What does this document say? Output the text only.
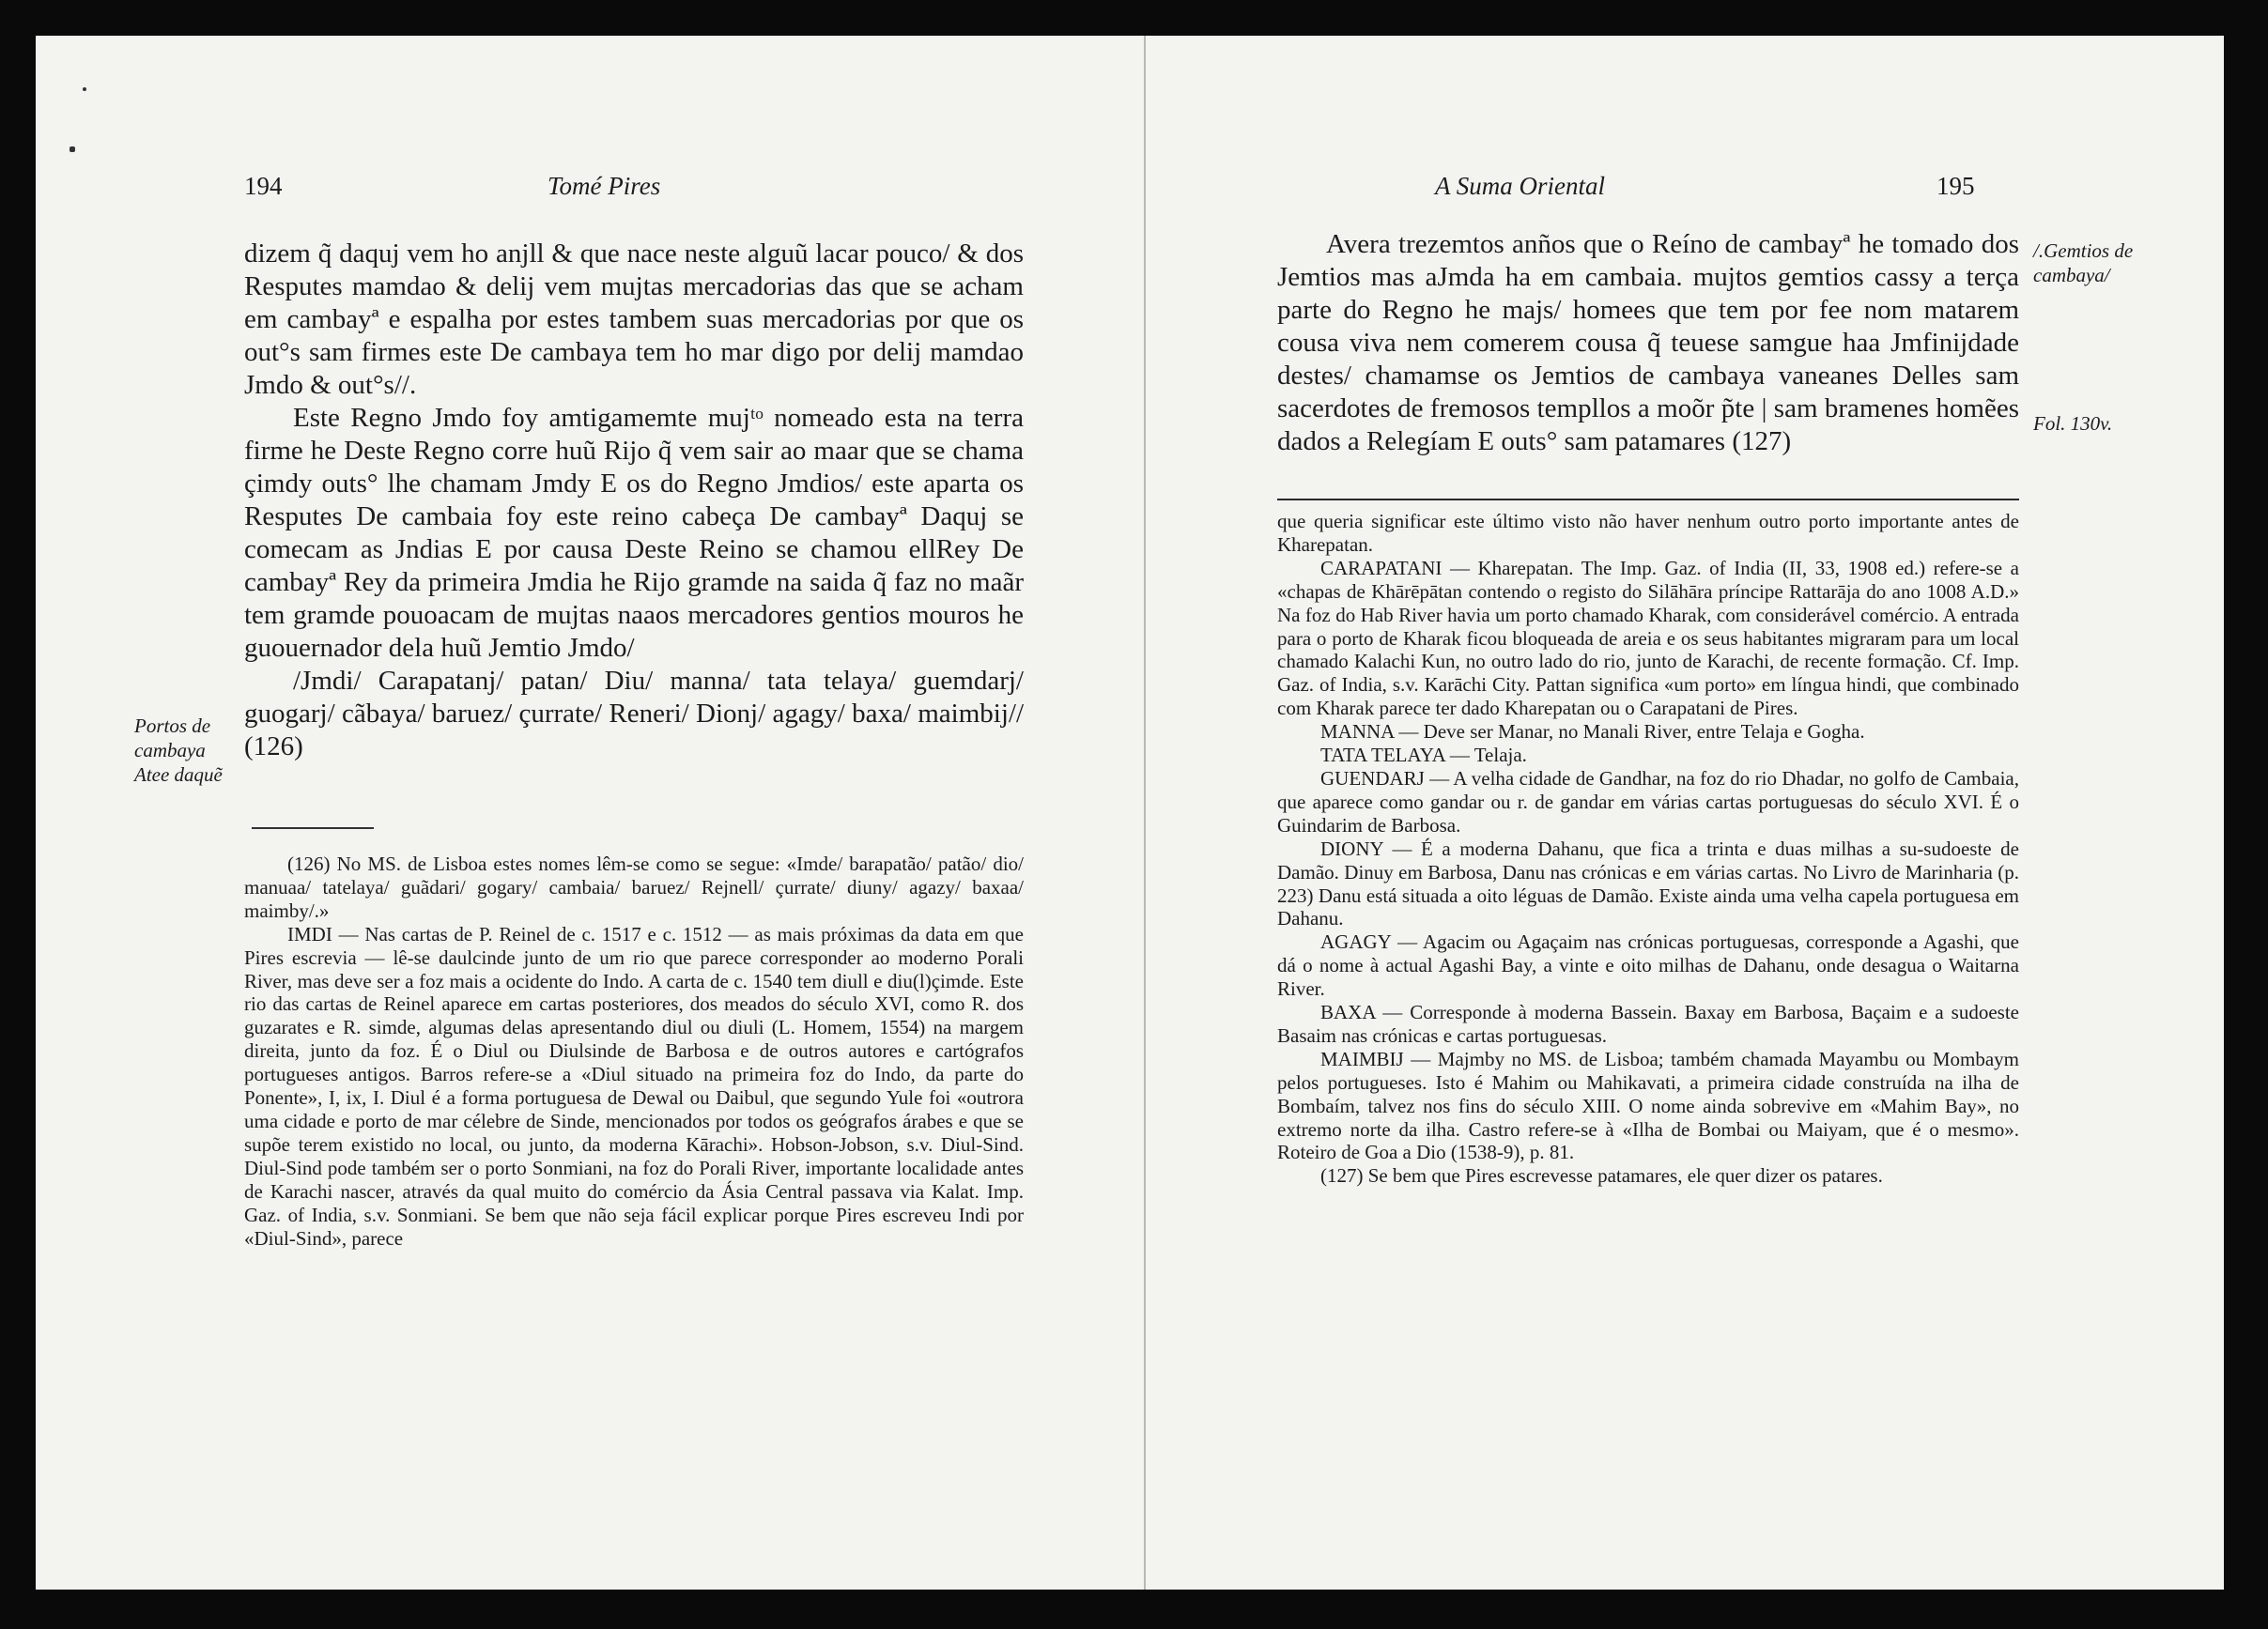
194	Tomé Pires

dizem q̃ daquj vem ho anjll & que nace neste alguũ lacar pouco/ & dos Resputes mamdao & delij vem mujtas mercadorias das que se acham em cambayª e espalha por estes tambem suas mercadorias por que os out°s sam firmes este De cambaya tem ho mar digo por delij mamdao Jmdo & out°s//.

Este Regno Jmdo foy amtigamemte mujᵗᵒ nomeado esta na terra firme he Deste Regno corre huũ Rijo q̃ vem sair ao maar que se chama çimdy outs° lhe chamam Jmdy E os do Regno Jmdios/ este aparta os Resputes De cambaia foy este reino cabeça De cambayª Daquj se comecam as Jndias E por causa Deste Reino se chamou ellRey De cambayª Rey da primeira Jmdia he Rijo gramde na saida q̃ faz no maãr tem gramde pouoacam de mujtas naaos mercadores gentios mouros he guouernador dela huũ Jemtio Jmdo/

/Jmdi/ Carapatanj/ patan/ Diu/ manna/ tata telaya/ guemdarj/ guogarj/ cãbaya/ baruez/ çurrate/ Reneri/ Dionj/ agagy/ baxa/ maimbij// (126)

Portos de cambaya Atee daquẽ

(126) No MS. de Lisboa estes nomes lêm-se como se segue: «Imde/ barapatão/ patão/ dio/ manuaa/ tatelaya/ guãdari/ gogary/ cambaia/ baruez/ Rejnell/ çurrate/ diuny/ agazy/ baxaa/ maimby/.»

IMDI — Nas cartas de P. Reinel de c. 1517 e c. 1512 — as mais próximas da data em que Pires escrevia — lê-se daulcinde junto de um rio que parece corresponder ao moderno Porali River, mas deve ser a foz mais a ocidente do Indo. A carta de c. 1540 tem diull e diu(l)çimde. Este rio das cartas de Reinel aparece em cartas posteriores, dos meados do século XVI, como R. dos guzarates e R. simde, algumas delas apresentando diul ou diuli (L. Homem, 1554) na margem direita, junto da foz. É o Diul ou Diulsinde de Barbosa e de outros autores e cartógrafos portugueses antigos. Barros refere-se a «Diul situado na primeira foz do Indo, da parte do Ponente», I, ix, I. Diul é a forma portuguesa de Dewal ou Daibul, que segundo Yule foi «outrora uma cidade e porto de mar célebre de Sinde, mencionados por todos os geógrafos árabes e que se supõe terem existido no local, ou junto, da moderna Kārachi». Hobson-Jobson, s.v. Diul-Sind. Diul-Sind pode também ser o porto Sonmiani, na foz do Porali River, importante localidade antes de Karachi nascer, através da qual muito do comércio da Ásia Central passava via Kalat. Imp. Gaz. of India, s.v. Sonmiani. Se bem que não seja fácil explicar porque Pires escreveu Indi por «Diul-Sind», parece

A Suma Oriental	195

Avera trezemtos anños que o Reíno de cambayª he tomado dos Jemtios mas aJmda ha em cambaia. mujtos gemtios cassy a terça parte do Regno he majs/ homees que tem por fee nom matarem cousa viva nem comerem cousa q̃ teuese samgue haa Jmfinijdade destes/ chamamse os Jemtios de cambaya vaneanes Delles sam sacerdotes de fremosos templlos a moõr p̃te | sam bramenes homẽes dados a Relegíam E outs° sam patamares (127)

/.Gemtios de cambaya/
Fol. 130v.

que queria significar este último visto não haver nenhum outro porto importante antes de Kharepatan.

CARAPATANI — Kharepatan. The Imp. Gaz. of India (II, 33, 1908 ed.) refere-se a «chapas de Khārēpātan contendo o registo do Silāhāra príncipe Rattarāja do ano 1008 A.D.» Na foz do Hab River havia um porto chamado Kharak, com considerável comércio. A entrada para o porto de Kharak ficou bloqueada de areia e os seus habitantes migraram para um local chamado Kalachi Kun, no outro lado do rio, junto de Karachi, de recente formação. Cf. Imp. Gaz. of India, s.v. Karāchi City. Pattan significa «um porto» em língua hindi, que combinado com Kharak parece ter dado Kharepatan ou o Carapatani de Pires.

MANNA — Deve ser Manar, no Manali River, entre Telaja e Gogha.

TATA TELAYA — Telaja.

GUENDARJ — A velha cidade de Gandhar, na foz do rio Dhadar, no golfo de Cambaia, que aparece como gandar ou r. de gandar em várias cartas portuguesas do século XVI. É o Guindarim de Barbosa.

DIONY — É a moderna Dahanu, que fica a trinta e duas milhas a su-sudoeste de Damão. Dinuy em Barbosa, Danu nas crónicas e em várias cartas. No Livro de Marinharia (p. 223) Danu está situada a oito léguas de Damão. Existe ainda uma velha capela portuguesa em Dahanu.

AGAGY — Agacim ou Agaçaim nas crónicas portuguesas, corresponde a Agashi, que dá o nome à actual Agashi Bay, a vinte e oito milhas de Dahanu, onde desagua o Waitarna River.

BAXA — Corresponde à moderna Bassein. Baxay em Barbosa, Baçaim e a sudoeste Basaim nas crónicas e cartas portuguesas.

MAIMBIJ — Majmby no MS. de Lisboa; também chamada Mayambu ou Mombaym pelos portugueses. Isto é Mahim ou Mahikavati, a primeira cidade construída na ilha de Bombaím, talvez nos fins do século XIII. O nome ainda sobrevive em «Mahim Bay», no extremo norte da ilha. Castro refere-se à «Ilha de Bombai ou Maiyam, que é o mesmo». Roteiro de Goa a Dio (1538-9), p. 81.

(127) Se bem que Pires escrevesse patamares, ele quer dizer os patares.
